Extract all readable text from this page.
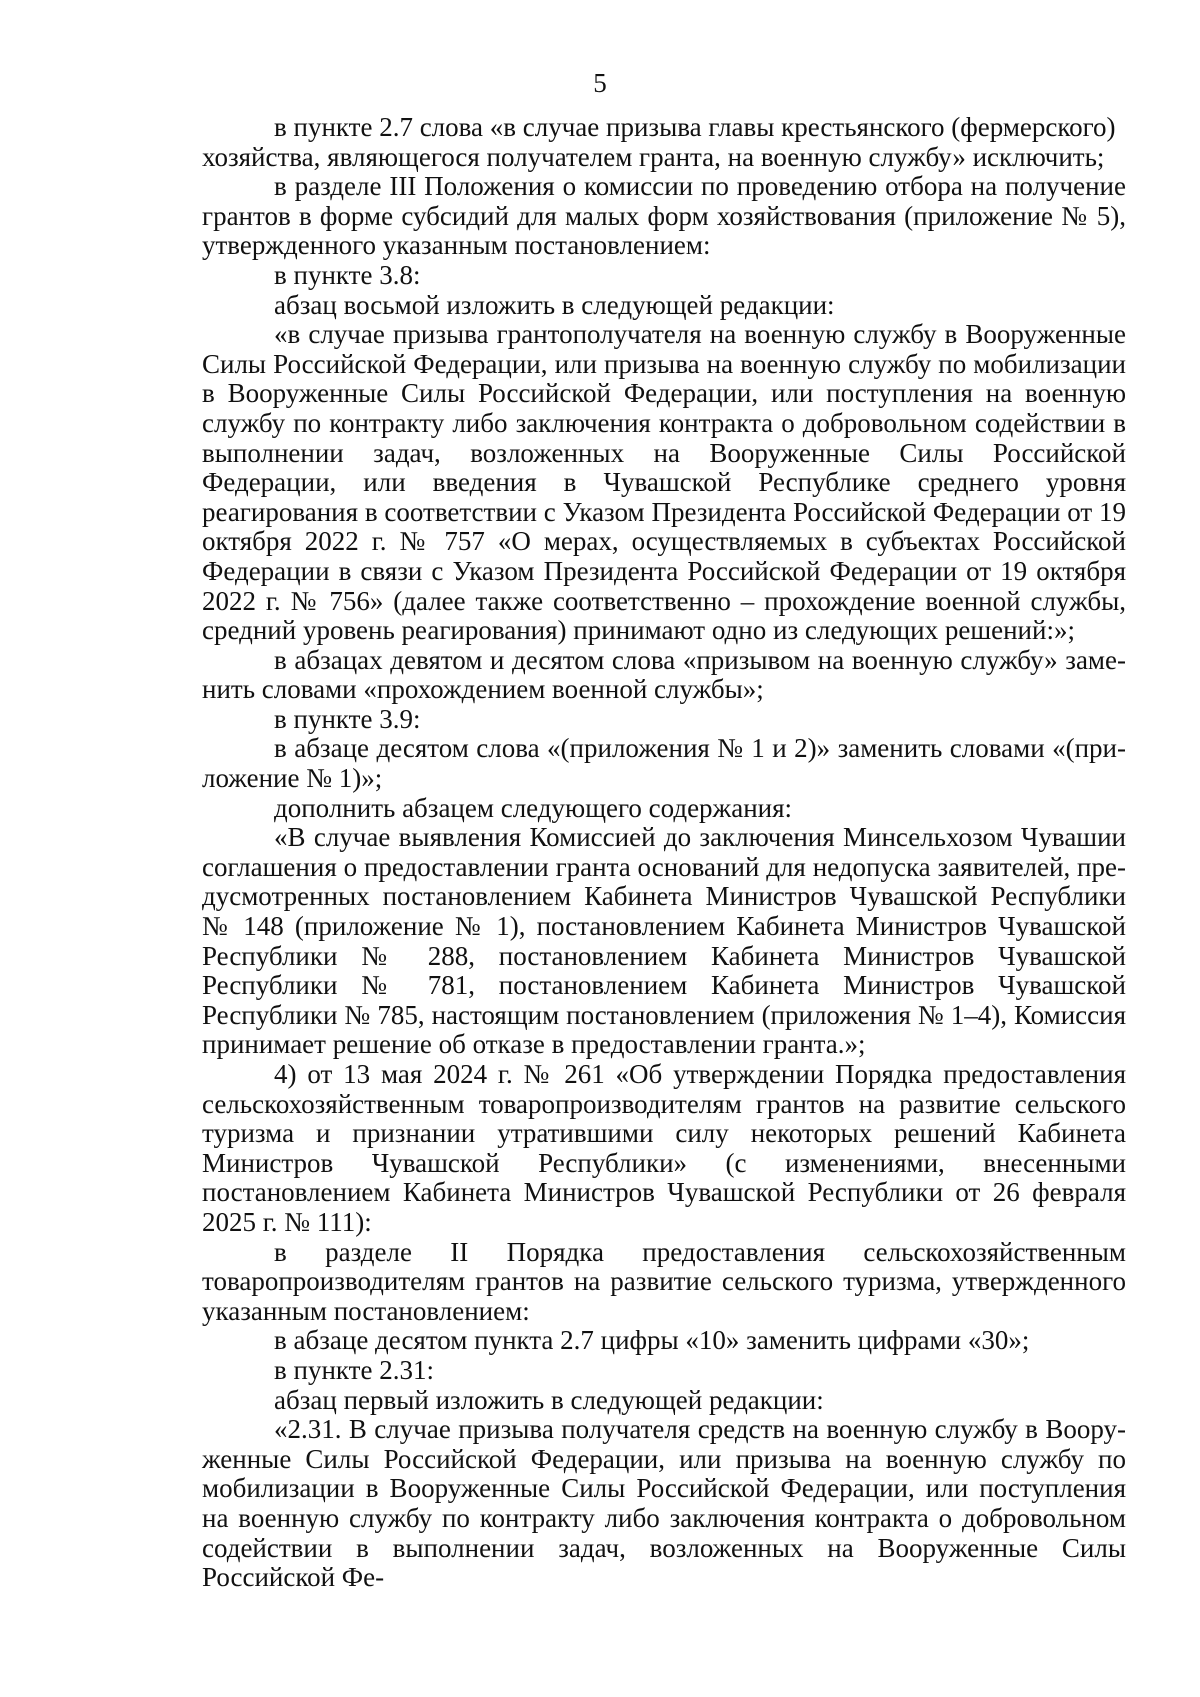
5

в пункте 2.7 слова «в случае призыва главы крестьянского (фермерского) хозяйства, являющегося получателем гранта, на военную службу» исключить;

в разделе III Положения о комиссии по проведению отбора на получение грантов в форме субсидий для малых форм хозяйствования (приложение № 5), утвержденного указанным постановлением:

в пункте 3.8:

абзац восьмой изложить в следующей редакции:

«в случае призыва грантополучателя на военную службу в Вооруженные Силы Российской Федерации, или призыва на военную службу по мобилизации в Вооруженные Силы Российской Федерации, или поступления на военную службу по контракту либо заключения контракта о добровольном содействии в выполнении задач, возложенных на Вооруженные Силы Российской Федерации, или введения в Чувашской Республике среднего уровня реагирования в соответствии с Указом Президента Российской Федерации от 19 октября 2022 г. № 757 «О мерах, осуществляемых в субъектах Российской Федерации в связи с Указом Президента Российской Федерации от 19 октября 2022 г. № 756» (далее также соответственно – прохождение военной службы, средний уровень реагирования) принимают одно из следующих решений:»;

в абзацах девятом и десятом слова «призывом на военную службу» заменить словами «прохождением военной службы»;

в пункте 3.9:

в абзаце десятом слова «(приложения № 1 и 2)» заменить словами «(приложение № 1)»;

дополнить абзацем следующего содержания:

«В случае выявления Комиссией до заключения Минсельхозом Чувашии соглашения о предоставлении гранта оснований для недопуска заявителей, предусмотренных постановлением Кабинета Министров Чувашской Республики № 148 (приложение № 1), постановлением Кабинета Министров Чувашской Республики № 288, постановлением Кабинета Министров Чувашской Республики № 781, постановлением Кабинета Министров Чувашской Республики № 785, настоящим постановлением (приложения № 1–4), Комиссия принимает решение об отказе в предоставлении гранта.»;

4) от 13 мая 2024 г. № 261 «Об утверждении Порядка предоставления сельскохозяйственным товаропроизводителям грантов на развитие сельского туризма и признании утратившими силу некоторых решений Кабинета Министров Чувашской Республики» (с изменениями, внесенными постановлением Кабинета Министров Чувашской Республики от 26 февраля 2025 г. № 111):

в разделе II Порядка предоставления сельскохозяйственным товаропроизводителям грантов на развитие сельского туризма, утвержденного указанным постановлением:

в абзаце десятом пункта 2.7 цифры «10» заменить цифрами «30»;

в пункте 2.31:

абзац первый изложить в следующей редакции:

«2.31. В случае призыва получателя средств на военную службу в Вооруженные Силы Российской Федерации, или призыва на военную службу по мобилизации в Вооруженные Силы Российской Федерации, или поступления на военную службу по контракту либо заключения контракта о добровольном содействии в выполнении задач, возложенных на Вооруженные Силы Российской Фе-
